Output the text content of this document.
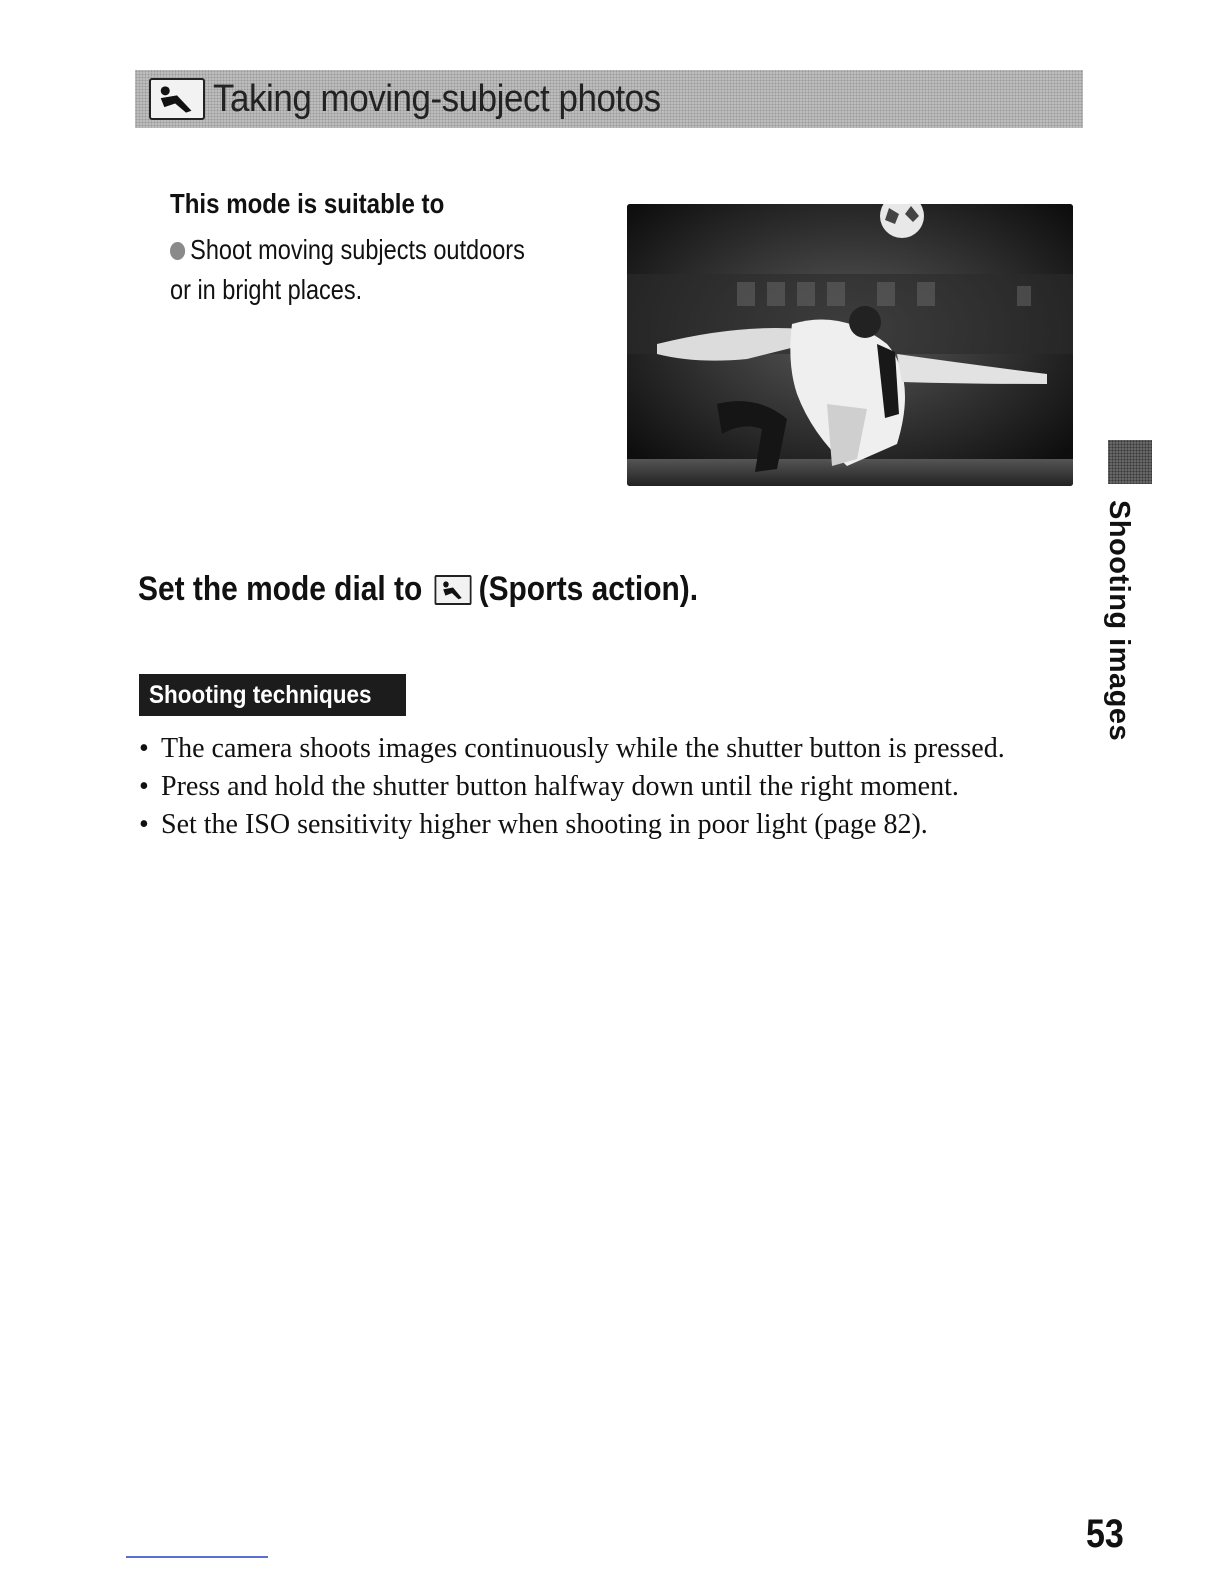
Taking moving-subject photos
This mode is suitable to
Shoot moving subjects outdoors or in bright places.
Set the mode dial to (Sports action).
Shooting techniques
• The camera shoots images continuously while the shutter button is pressed.
• Press and hold the shutter button halfway down until the right moment.
• Set the ISO sensitivity higher when shooting in poor light (page 82).
Shooting images
53
